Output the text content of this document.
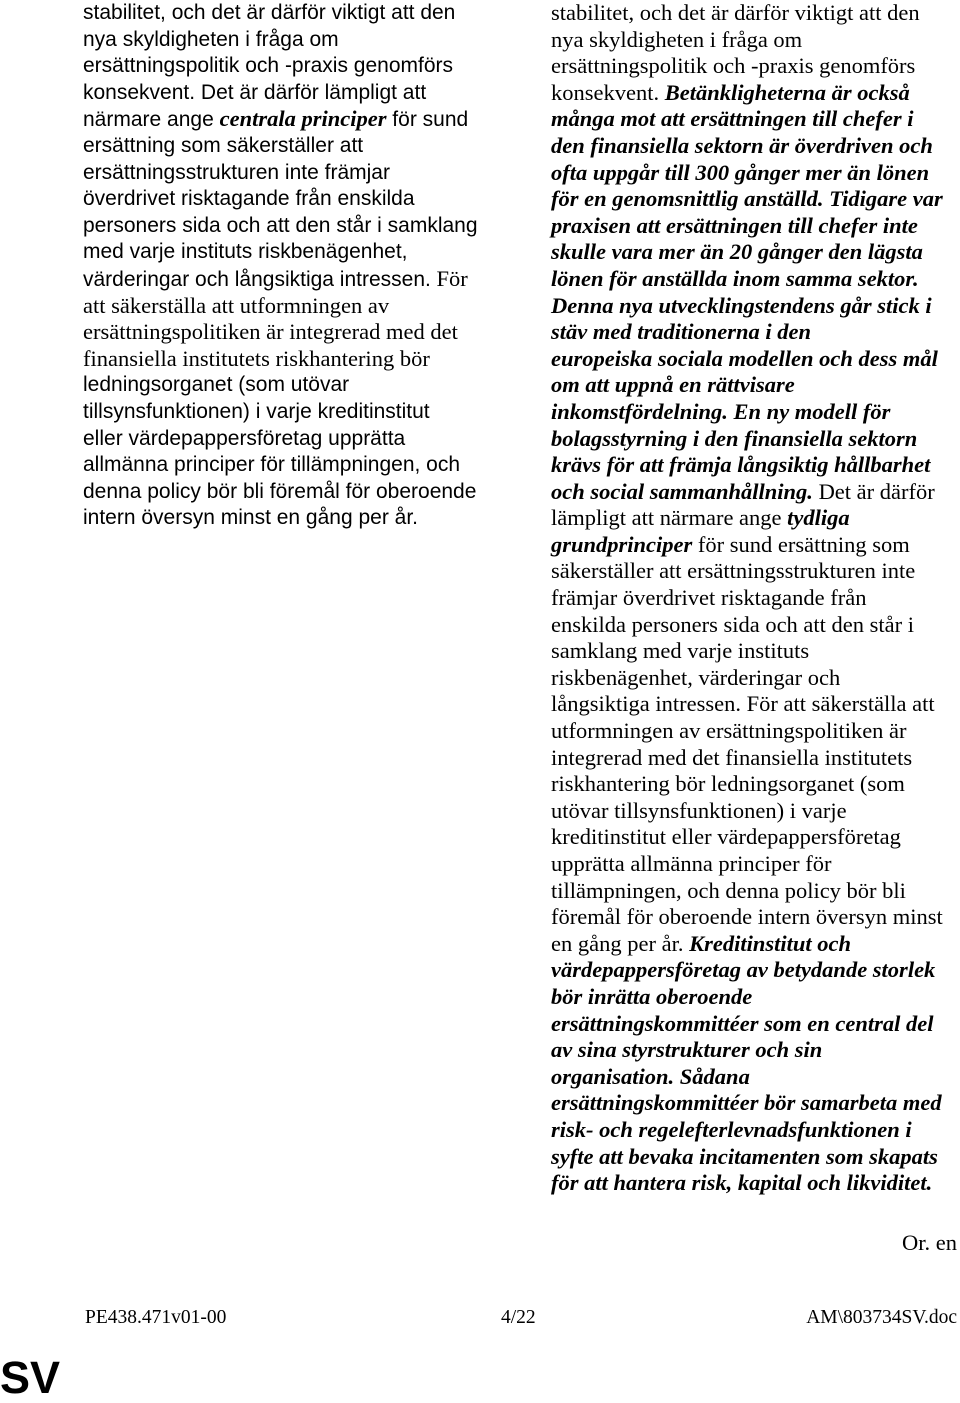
stabilitet, och det är därför viktigt att den
nya skyldigheten i fråga om
ersättningspolitik och -praxis genomförs
konsekvent. Det är därför lämpligt att
närmare ange centrala principer för sund
ersättning som säkerställer att
ersättningsstrukturen inte främjar
överdrivet risktagande från enskilda
personers sida och att den står i samklang
med varje instituts riskbenägenhet,
värderingar och långsiktiga intressen. För
att säkerställa att utformningen av
ersättningspolitiken är integrerad med det
finansiella institutets riskhantering bör
ledningsorganet (som utövar
tillsynsfunktionen) i varje kreditinstitut
eller värdepappersföretag upprätta
allmänna principer för tillämpningen, och
denna policy bör bli föremål för oberoende
intern översyn minst en gång per år.
stabilitet, och det är därför viktigt att den
nya skyldigheten i fråga om
ersättningspolitik och -praxis genomförs
konsekvent. Betänkligheterna är också
många mot att ersättningen till chefer i
den finansiella sektorn är överdriven och
ofta uppgår till 300 gånger mer än lönen
för en genomsnittlig anställd. Tidigare var
praxisen att ersättningen till chefer inte
skulle vara mer än 20 gånger den lägsta
lönen för anställda inom samma sektor.
Denna nya utvecklingstendens går stick i
stäv med traditionerna i den
europeiska sociala modellen och dess mål
om att uppnå en rättvisare
inkomstfördelning. En ny modell för
bolagsstyrning i den finansiella sektorn
krävs för att främja långsiktig hållbarhet
och social sammanhållning. Det är därför
lämpligt att närmare ange tydliga
grundprinciper för sund ersättning som
säkerställer att ersättningsstrukturen inte
främjar överdrivet risktagande från
enskilda personers sida och att den står i
samklang med varje instituts
riskbenägenhet, värderingar och
långsiktiga intressen. För att säkerställa att
utformningen av ersättningspolitiken är
integrerad med det finansiella institutets
riskhantering bör ledningsorganet (som
utövar tillsynsfunktionen) i varje
kreditinstitut eller värdepappersföretag
upprätta allmänna principer för
tillämpningen, och denna policy bör bli
föremål för oberoende intern översyn minst
en gång per år. Kreditinstitut och
värdepappersföretag av betydande storlek
bör inrätta oberoende
ersättningskommittéer som en central del
av sina styrstrukturer och sin
organisation. Sådana
ersättningskommittéer bör samarbeta med
risk- och regelefterlevnadsfunktionen i
syfte att bevaka incitamenten som skapats
för att hantera risk, kapital och likviditet.
Or. en
PE438.471v01-00	4/22	AM\803734SV.doc
SV
